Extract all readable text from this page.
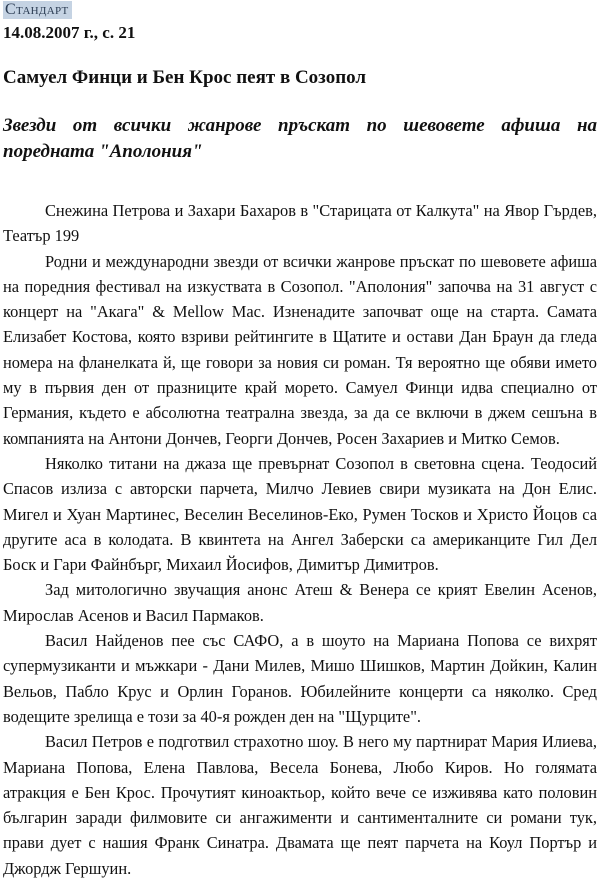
Стандарт
14.08.2007 г., с. 21
Самуел Финци и Бен Крос пеят в Созопол
Звезди от всички жанрове пръскат по шевовете афиша на поредната "Аполония"

Снежина Петрова и Захари Бахаров в "Старицата от Калкута" на Явор Гърдев, Театър 199

Родни и международни звезди от всички жанрове пръскат по шевовете афиша на поредния фестивал на изкуствата в Созопол. "Аполония" започва на 31 август с концерт на "Акага" & Mellow Mac. Изненадите започват още на старта. Самата Елизабет Костова, която взриви рейтингите в Щатите и остави Дан Браун да гледа номера на фланелката й, ще говори за новия си роман. Тя вероятно ще обяви името му в първия ден от празниците край морето. Самуел Финци идва специално от Германия, където е абсолютна театрална звезда, за да се включи в джем сешъна в компанията на Антони Дончев, Георги Дончев, Росен Захариев и Митко Семов.

Няколко титани на джаза ще превърнат Созопол в световна сцена. Теодосий Спасов излиза с авторски парчета, Милчо Левиев свири музиката на Дон Елис. Мигел и Хуан Мартинес, Веселин Веселинов-Еко, Румен Тосков и Христо Йоцов са другите аса в колодата. В квинтета на Ангел Заберски са американците Гил Дел Боск и Гари Файнбърг, Михаил Йосифов, Димитър Димитров.

Зад митологично звучащия анонс Атеш & Венера се крият Евелин Асенов, Мирослав Асенов и Васил Пармаков.

Васил Найденов пее със САФО, а в шоуто на Мариана Попова се вихрят супермузиканти и мъжкари - Дани Милев, Мишо Шишков, Мартин Дойкин, Калин Вельов, Пабло Крус и Орлин Горанов. Юбилейните концерти са няколко. Сред водещите зрелища е този за 40-я рожден ден на "Щурците".

Васил Петров е подготвил страхотно шоу. В него му партнират Мария Илиева, Мариана Попова, Елена Павлова, Весела Бонева, Любо Киров. Но голямата атракция е Бен Крос. Прочутият киноактьор, който вече се изживява като половин българин заради филмовите си ангажименти и сантименталните си романи тук, прави дует с нашия Франк Синатра. Двамата ще пеят парчета на Коул Портър и Джордж Гершуин.
